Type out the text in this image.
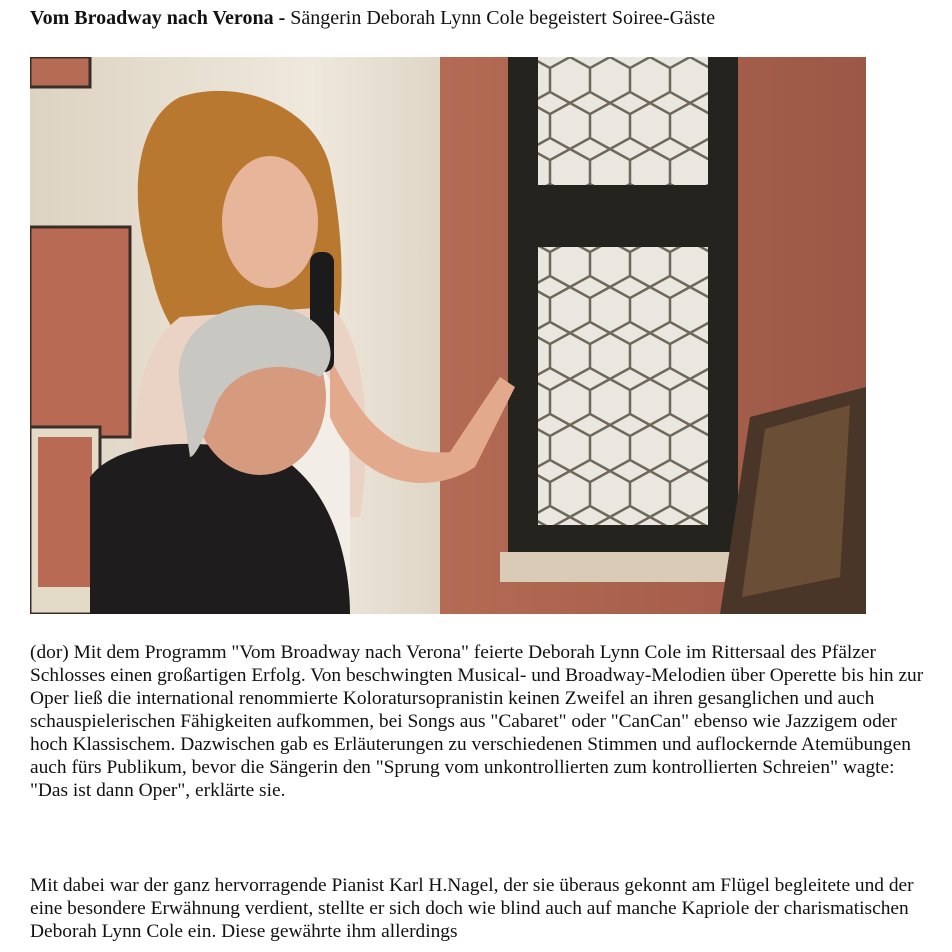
Vom Broadway nach Verona - Sängerin Deborah Lynn Cole begeistert Soiree-Gäste

(dor) Mit dem Programm "Vom Broadway nach Verona" feierte Deborah Lynn Cole im Rittersaal des Pfälzer Schlosses einen großartigen Erfolg. Von beschwingten Musical- und Broadway-Melodien über Operette bis hin zur Oper ließ die international renommierte Koloratursopranistin keinen Zweifel an ihren gesanglichen und auch schauspielerischen Fähigkeiten aufkommen, bei Songs aus "Cabaret" oder "CanCan" ebenso wie Jazzigem oder hoch Klassischem. Dazwischen gab es Erläuterungen zu verschiedenen Stimmen und auflockernde Atemübungen auch fürs Publikum, bevor die Sängerin den "Sprung vom unkontrollierten zum kontrollierten Schreien" wagte: "Das ist dann Oper", erklärte sie.

Mit dabei war der ganz hervorragende Pianist Karl H.Nagel, der sie überaus gekonnt am Flügel begleitete und der eine besondere Erwähnung verdient, stellte er sich doch wie blind auch auf manche Kapriole der charismatischen Deborah Lynn Cole ein. Diese gewährte ihm allerdings
